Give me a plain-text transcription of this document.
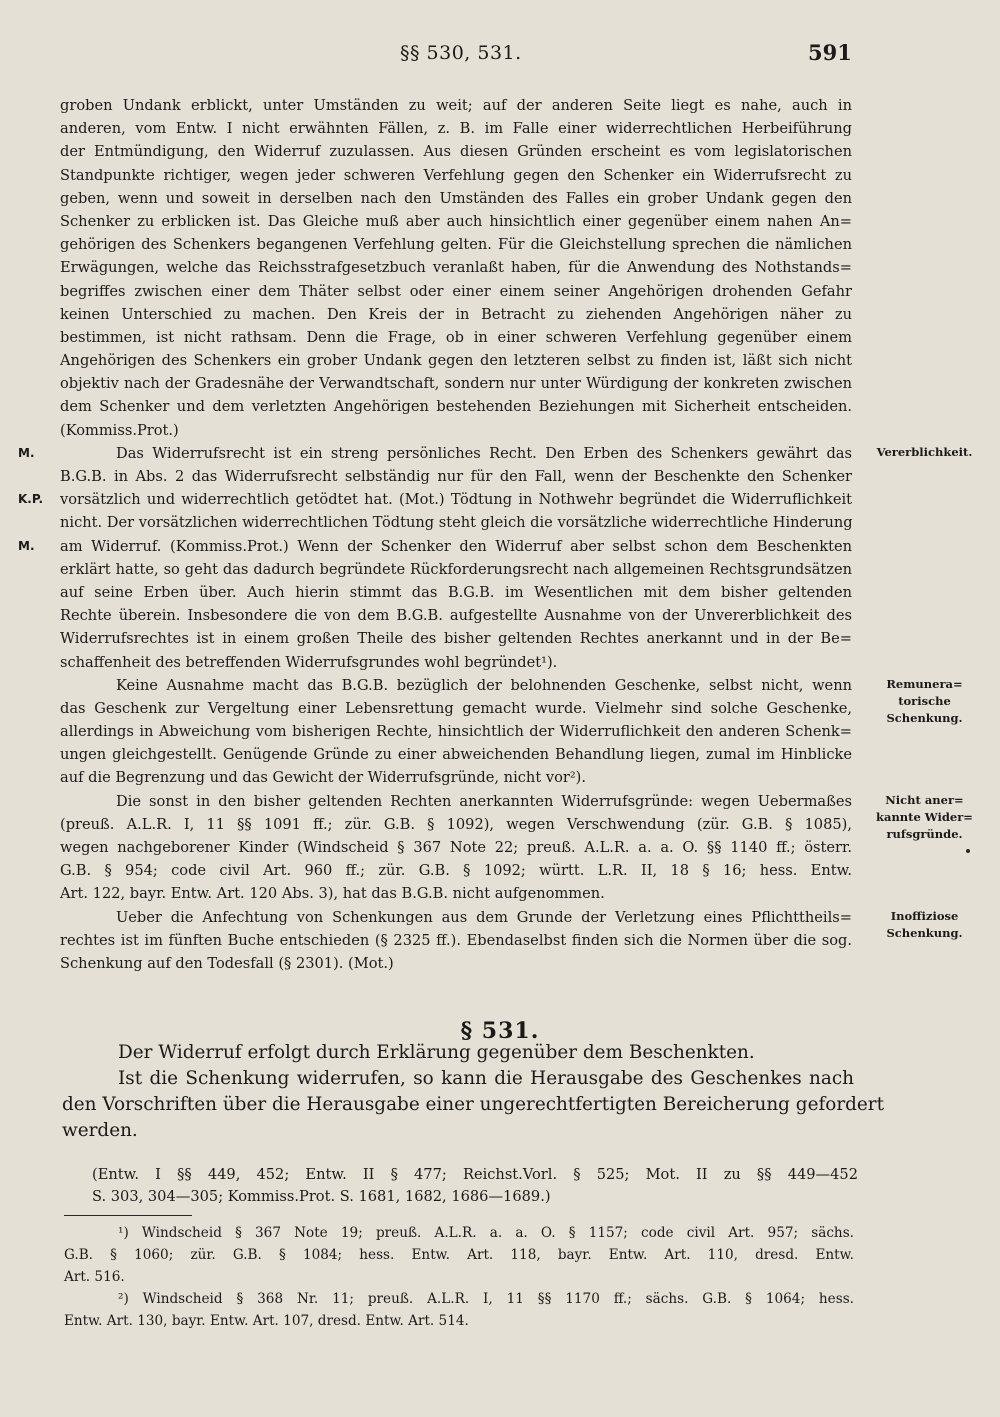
§§ 530, 531.	591
groben Undank erblickt, unter Umständen zu weit; auf der anderen Seite liegt es nahe, auch in
anderen, vom Entw. I nicht erwähnten Fällen, z. B. im Falle einer widerrechtlichen Herbeiführung
der Entmündigung, den Widerruf zuzulassen. Aus diesen Gründen erscheint es vom legislatorischen
Standpunkte richtiger, wegen jeder schweren Verfehlung gegen den Schenker ein Widerrufsrecht zu
geben, wenn und soweit in derselben nach den Umständen des Falles ein grober Undank gegen den
Schenker zu erblicken ist. Das Gleiche muß aber auch hinsichtlich einer gegenüber einem nahen An=
gehörigen des Schenkers begangenen Verfehlung gelten. Für die Gleichstellung sprechen die nämlichen
Erwägungen, welche das Reichsstrafgesetzbuch veranlaßt haben, für die Anwendung des Nothstands=
begriffes zwischen einer dem Thäter selbst oder einer einem seiner Angehörigen drohenden Gefahr
keinen Unterschied zu machen. Den Kreis der in Betracht zu ziehenden Angehörigen näher zu
bestimmen, ist nicht rathsam. Denn die Frage, ob in einer schweren Verfehlung gegenüber einem
Angehörigen des Schenkers ein grober Undank gegen den letzteren selbst zu finden ist, läßt sich nicht
objektiv nach der Gradesnähe der Verwandtschaft, sondern nur unter Würdigung der konkreten zwischen
dem Schenker und dem verletzten Angehörigen bestehenden Beziehungen mit Sicherheit entscheiden.
(Kommiss.Prot.)
Das Widerrufsrecht ist ein streng persönliches Recht. Den Erben des Schenkers gewährt das
B.G.B. in Abs. 2 das Widerrufsrecht selbständig nur für den Fall, wenn der Beschenkte den Schenker
vorsätzlich und widerrechtlich getödtet hat. (Mot.) Tödtung in Nothwehr begründet die Widerruflichkeit
nicht. Der vorsätzlichen widerrechtlichen Tödtung steht gleich die vorsätzliche widerrechtliche Hinderung
am Widerruf. (Kommiss.Prot.) Wenn der Schenker den Widerruf aber selbst schon dem Beschenkten
erklärt hatte, so geht das dadurch begründete Rückforderungsrecht nach allgemeinen Rechtsgrundsätzen
auf seine Erben über. Auch hierin stimmt das B.G.B. im Wesentlichen mit dem bisher geltenden
Rechte überein. Insbesondere die von dem B.G.B. aufgestellte Ausnahme von der Unvererblichkeit des
Widerrufsrechtes ist in einem großen Theile des bisher geltenden Rechtes anerkannt und in der Be=
schaffenheit des betreffenden Widerrufsgrundes wohl begründet¹).
Keine Ausnahme macht das B.G.B. bezüglich der belohnenden Geschenke, selbst nicht, wenn
das Geschenk zur Vergeltung einer Lebensrettung gemacht wurde. Vielmehr sind solche Geschenke,
allerdings in Abweichung vom bisherigen Rechte, hinsichtlich der Widerruflichkeit den anderen Schenk=
ungen gleichgestellt. Genügende Gründe zu einer abweichenden Behandlung liegen, zumal im Hinblicke
auf die Begrenzung und das Gewicht der Widerrufsgründe, nicht vor²).
Die sonst in den bisher geltenden Rechten anerkannten Widerrufsgründe: wegen Uebermaßes
(preuß. A.L.R. I, 11 §§ 1091 ff.; zür. G.B. § 1092), wegen Verschwendung (zür. G.B. § 1085),
wegen nachgeborener Kinder (Windscheid § 367 Note 22; preuß. A.L.R. a. a. O. §§ 1140 ff.; österr.
G.B. § 954; code civil Art. 960 ff.; zür. G.B. § 1092; württ. L.R. II, 18 § 16; hess. Entw.
Art. 122, bayr. Entw. Art. 120 Abs. 3), hat das B.G.B. nicht aufgenommen.
Ueber die Anfechtung von Schenkungen aus dem Grunde der Verletzung eines Pflichttheils=
rechtes ist im fünften Buche entschieden (§ 2325 ff.). Ebendaselbst finden sich die Normen über die sog.
Schenkung auf den Todesfall (§ 2301). (Mot.)
M.
K.P.
M.
Vererblichkeit.
Remunera=
torische
Schenkung.
Nicht aner=
kannte Wider=
rufsgründe.
Inoffiziose
Schenkung.
§ 531.
Der Widerruf erfolgt durch Erklärung gegenüber dem Beschenkten.
Ist die Schenkung widerrufen, so kann die Herausgabe des Geschenkes nach
den Vorschriften über die Herausgabe einer ungerechtfertigten Bereicherung gefordert
werden.
(Entw. I §§ 449, 452; Entw. II § 477; Reichst.Vorl. § 525; Mot. II zu §§ 449—452
S. 303, 304—305; Kommiss.Prot. S. 1681, 1682, 1686—1689.)
¹) Windscheid § 367 Note 19; preuß. A.L.R. a. a. O. § 1157; code civil Art. 957; sächs.
G.B. § 1060; zür. G.B. § 1084; hess. Entw. Art. 118, bayr. Entw. Art. 110, dresd. Entw.
Art. 516.
²) Windscheid § 368 Nr. 11; preuß. A.L.R. I, 11 §§ 1170 ff.; sächs. G.B. § 1064; hess.
Entw. Art. 130, bayr. Entw. Art. 107, dresd. Entw. Art. 514.
